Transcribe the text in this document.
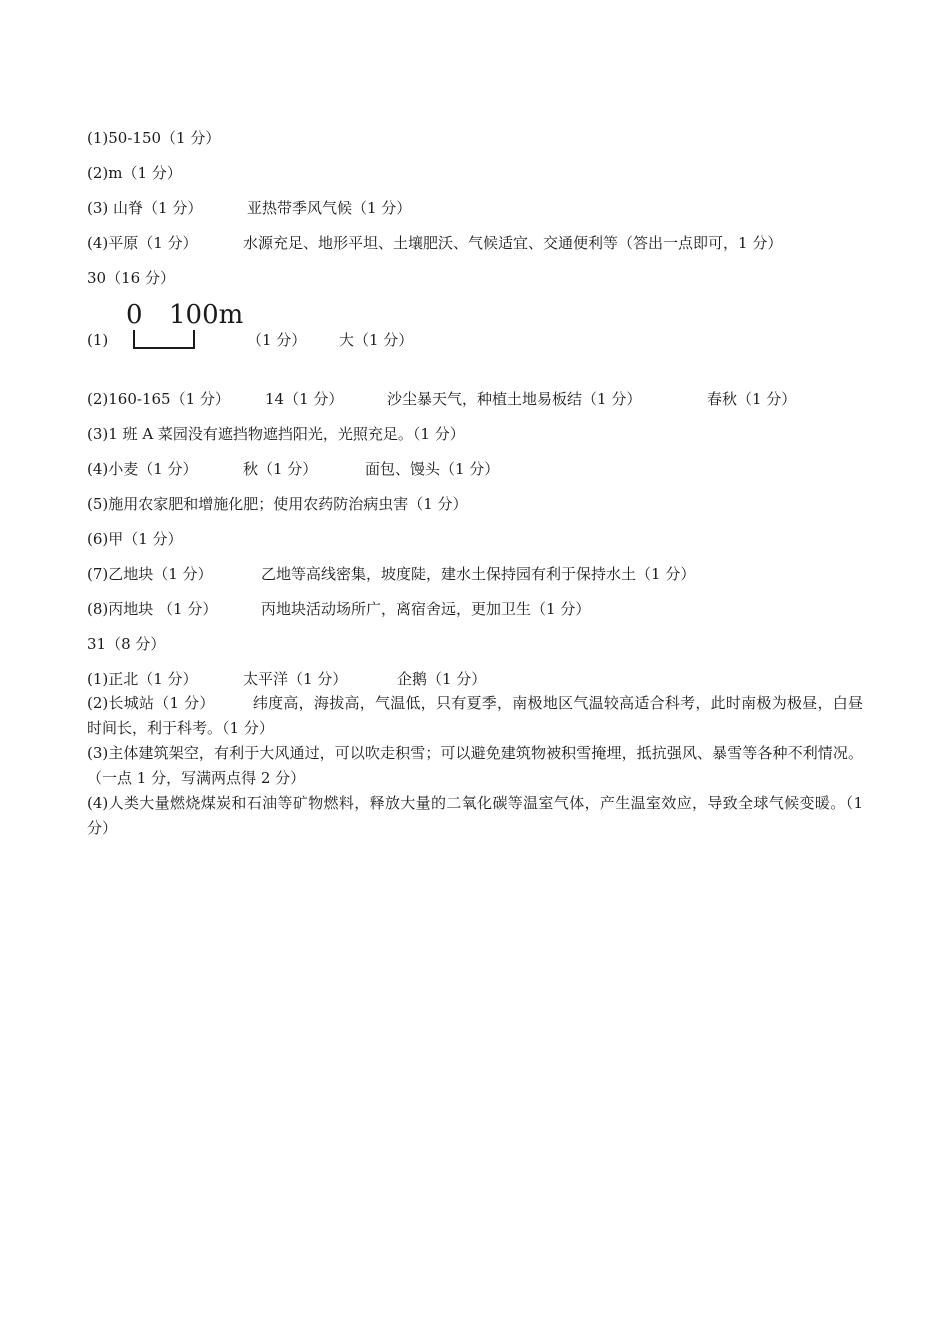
(1)50-150（1 分）
(2)m（1 分）
(3) 山脊（1 分）	亚热带季风气候（1 分）
(4)平原（1 分）	水源充足、地形平坦、土壤肥沃、气候适宜、交通便利等（答出一点即可，1 分）
30（16 分）
0 100m
(1)	（1 分） 大（1 分）
(2)160-165（1 分） 14（1 分）	沙尘暴天气，种植土地易板结（1 分）	春秋（1 分）
(3)1 班 A 菜园没有遮挡物遮挡阳光，光照充足。（1 分）
(4)小麦（1 分）	秋（1 分）	面包、馒头（1 分）
(5)施用农家肥和增施化肥；使用农药防治病虫害（1 分）
(6)甲（1 分）
(7)乙地块（1 分）	乙地等高线密集，坡度陡，建水土保持园有利于保持水土（1 分）
(8)丙地块 （1 分）	丙地块活动场所广，离宿舍远，更加卫生（1 分）
31（8 分）
(1)正北（1 分）	太平洋（1 分）	企鹅（1 分）
(2)长城站（1 分）　　　纬度高，海拔高，气温低，只有夏季，南极地区气温较高适合科考，此时南极为极昼，白昼时间长，利于科考。（1 分）
(3)主体建筑架空，有利于大风通过，可以吹走积雪；可以避免建筑物被积雪掩埋，抵抗强风、暴雪等各种不利情况。（一点 1 分，写满两点得 2 分）
(4)人类大量燃烧煤炭和石油等矿物燃料，释放大量的二氧化碳等温室气体，产生温室效应，导致全球气候变暖。（1 分）
